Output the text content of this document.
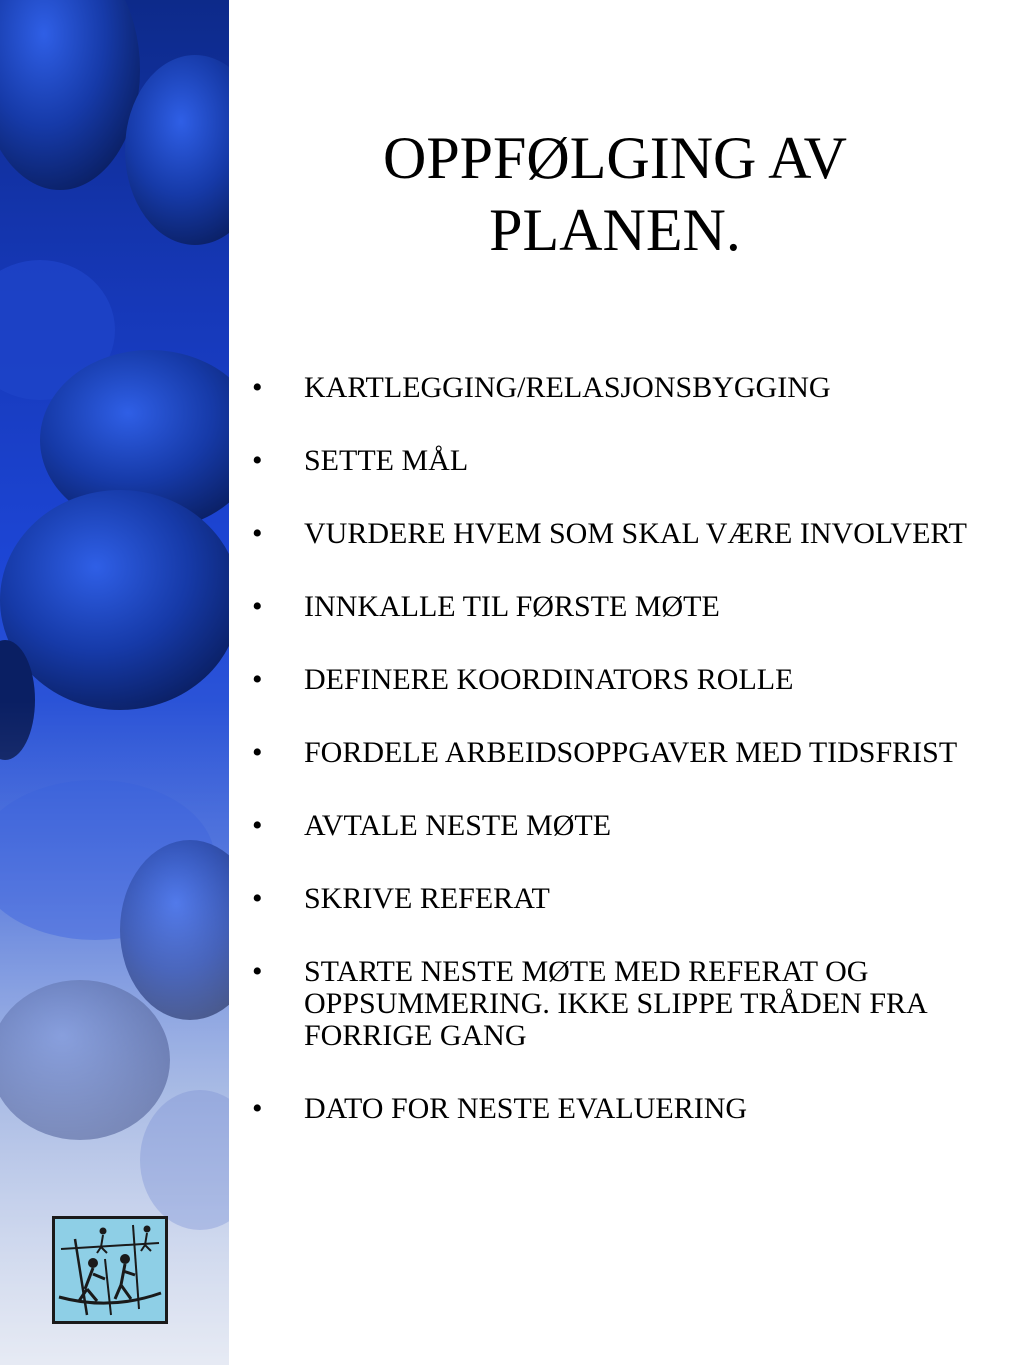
OPPFØLGING AV PLANEN.
• KARTLEGGING/RELASJONSBYGGING
• SETTE MÅL
• VURDERE HVEM SOM SKAL VÆRE INVOLVERT
• INNKALLE TIL FØRSTE MØTE
• DEFINERE KOORDINATORS ROLLE
• FORDELE ARBEIDSOPPGAVER MED TIDSFRIST
• AVTALE NESTE MØTE
• SKRIVE REFERAT
• STARTE NESTE MØTE MED REFERAT OG OPPSUMMERING. IKKE SLIPPE TRÅDEN FRA FORRIGE GANG
• DATO FOR NESTE EVALUERING
